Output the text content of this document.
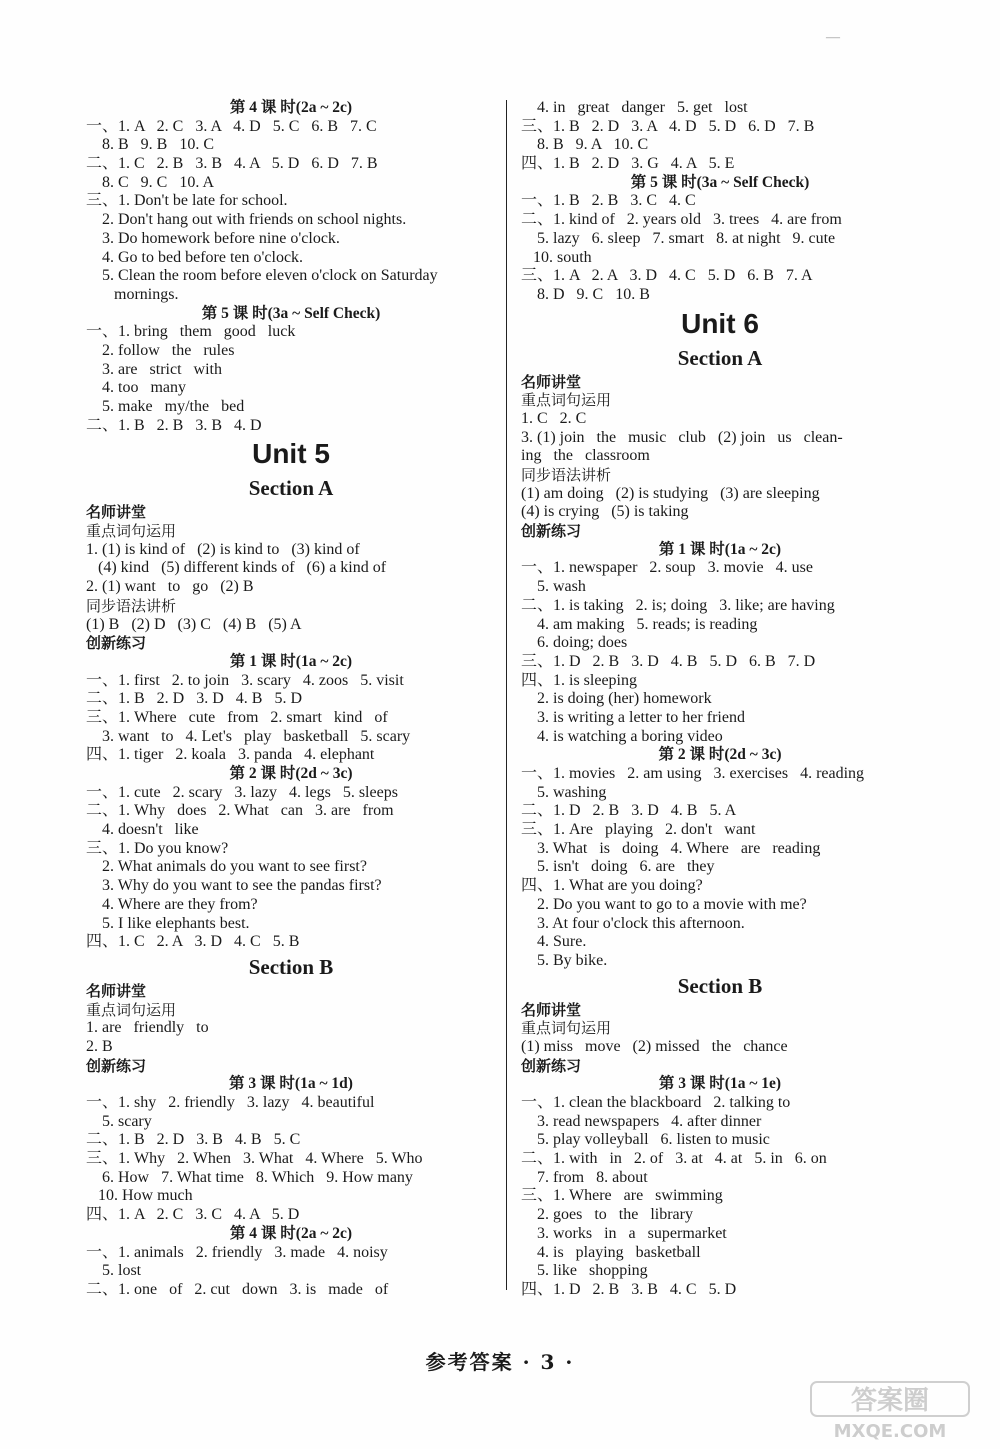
—
第 4 课 时(2a ~ 2c)
一、1. A   2. C   3. A   4. D   5. C   6. B   7. C
8. B   9. B   10. C
二、1. C   2. B   3. B   4. A   5. D   6. D   7. B
8. C   9. C   10. A
三、1. Don't be late for school.
2. Don't hang out with friends on school nights.
3. Do homework before nine o'clock.
4. Go to bed before ten o'clock.
5. Clean the room before eleven o'clock on Saturday
mornings.
第 5 课 时(3a ~ Self Check)
一、1. bring   them   good   luck
2. follow   the   rules
3. are   strict   with
4. too   many
5. make   my/the   bed
二、1. B   2. B   3. B   4. D
Unit 5
Section A
名师讲堂
重点词句运用
1. (1) is kind of   (2) is kind to   (3) kind of
(4) kind   (5) different kinds of   (6) a kind of
2. (1) want   to   go   (2) B
同步语法讲析
(1) B   (2) D   (3) C   (4) B   (5) A
创新练习
第 1 课 时(1a ~ 2c)
一、1. first   2. to join   3. scary   4. zoos   5. visit
二、1. B   2. D   3. D   4. B   5. D
三、1. Where   cute   from   2. smart   kind   of
3. want   to   4. Let's   play   basketball   5. scary
四、1. tiger   2. koala   3. panda   4. elephant
第 2 课 时(2d ~ 3c)
一、1. cute   2. scary   3. lazy   4. legs   5. sleeps
二、1. Why   does   2. What   can   3. are   from
4. doesn't   like
三、1. Do you know?
2. What animals do you want to see first?
3. Why do you want to see the pandas first?
4. Where are they from?
5. I like elephants best.
四、1. C   2. A   3. D   4. C   5. B
Section B
名师讲堂
重点词句运用
1. are   friendly   to
2. B
创新练习
第 3 课 时(1a ~ 1d)
一、1. shy   2. friendly   3. lazy   4. beautiful
5. scary
二、1. B   2. D   3. B   4. B   5. C
三、1. Why   2. When   3. What   4. Where   5. Who
6. How   7. What time   8. Which   9. How many
10. How much
四、1. A   2. C   3. C   4. A   5. D
第 4 课 时(2a ~ 2c)
一、1. animals   2. friendly   3. made   4. noisy
5. lost
二、1. one   of   2. cut   down   3. is   made   of
4. in   great   danger   5. get   lost
三、1. B   2. D   3. A   4. D   5. D   6. D   7. B
8. B   9. A   10. C
四、1. B   2. D   3. G   4. A   5. E
第 5 课 时(3a ~ Self Check)
一、1. B   2. B   3. C   4. C
二、1. kind of   2. years old   3. trees   4. are from
5. lazy   6. sleep   7. smart   8. at night   9. cute
10. south
三、1. A   2. A   3. D   4. C   5. D   6. B   7. A
8. D   9. C   10. B
Unit 6
Section A
名师讲堂
重点词句运用
1. C   2. C
3. (1) join   the   music   club   (2) join   us   clean-
ing   the   classroom
同步语法讲析
(1) am doing   (2) is studying   (3) are sleeping
(4) is crying   (5) is taking
创新练习
第 1 课 时(1a ~ 2c)
一、1. newspaper   2. soup   3. movie   4. use
5. wash
二、1. is taking   2. is; doing   3. like; are having
4. am making   5. reads; is reading
6. doing; does
三、1. D   2. B   3. D   4. B   5. D   6. B   7. D
四、1. is sleeping
2. is doing (her) homework
3. is writing a letter to her friend
4. is watching a boring video
第 2 课 时(2d ~ 3c)
一、1. movies   2. am using   3. exercises   4. reading
5. washing
二、1. D   2. B   3. D   4. B   5. A
三、1. Are   playing   2. don't   want
3. What   is   doing   4. Where   are   reading
5. isn't   doing   6. are   they
四、1. What are you doing?
2. Do you want to go to a movie with me?
3. At four o'clock this afternoon.
4. Sure.
5. By bike.
Section B
名师讲堂
重点词句运用
(1) miss   move   (2) missed   the   chance
创新练习
第 3 课 时(1a ~ 1e)
一、1. clean the blackboard   2. talking to
3. read newspapers   4. after dinner
5. play volleyball   6. listen to music
二、1. with   in   2. of   3. at   4. at   5. in   6. on
7. from   8. about
三、1. Where   are   swimming
2. goes   to   the   library
3. works   in   a   supermarket
4. is   playing   basketball
5. like   shopping
四、1. D   2. B   3. B   4. C   5. D
参考答案 · 3 ·
答案圈
MXQE.COM
